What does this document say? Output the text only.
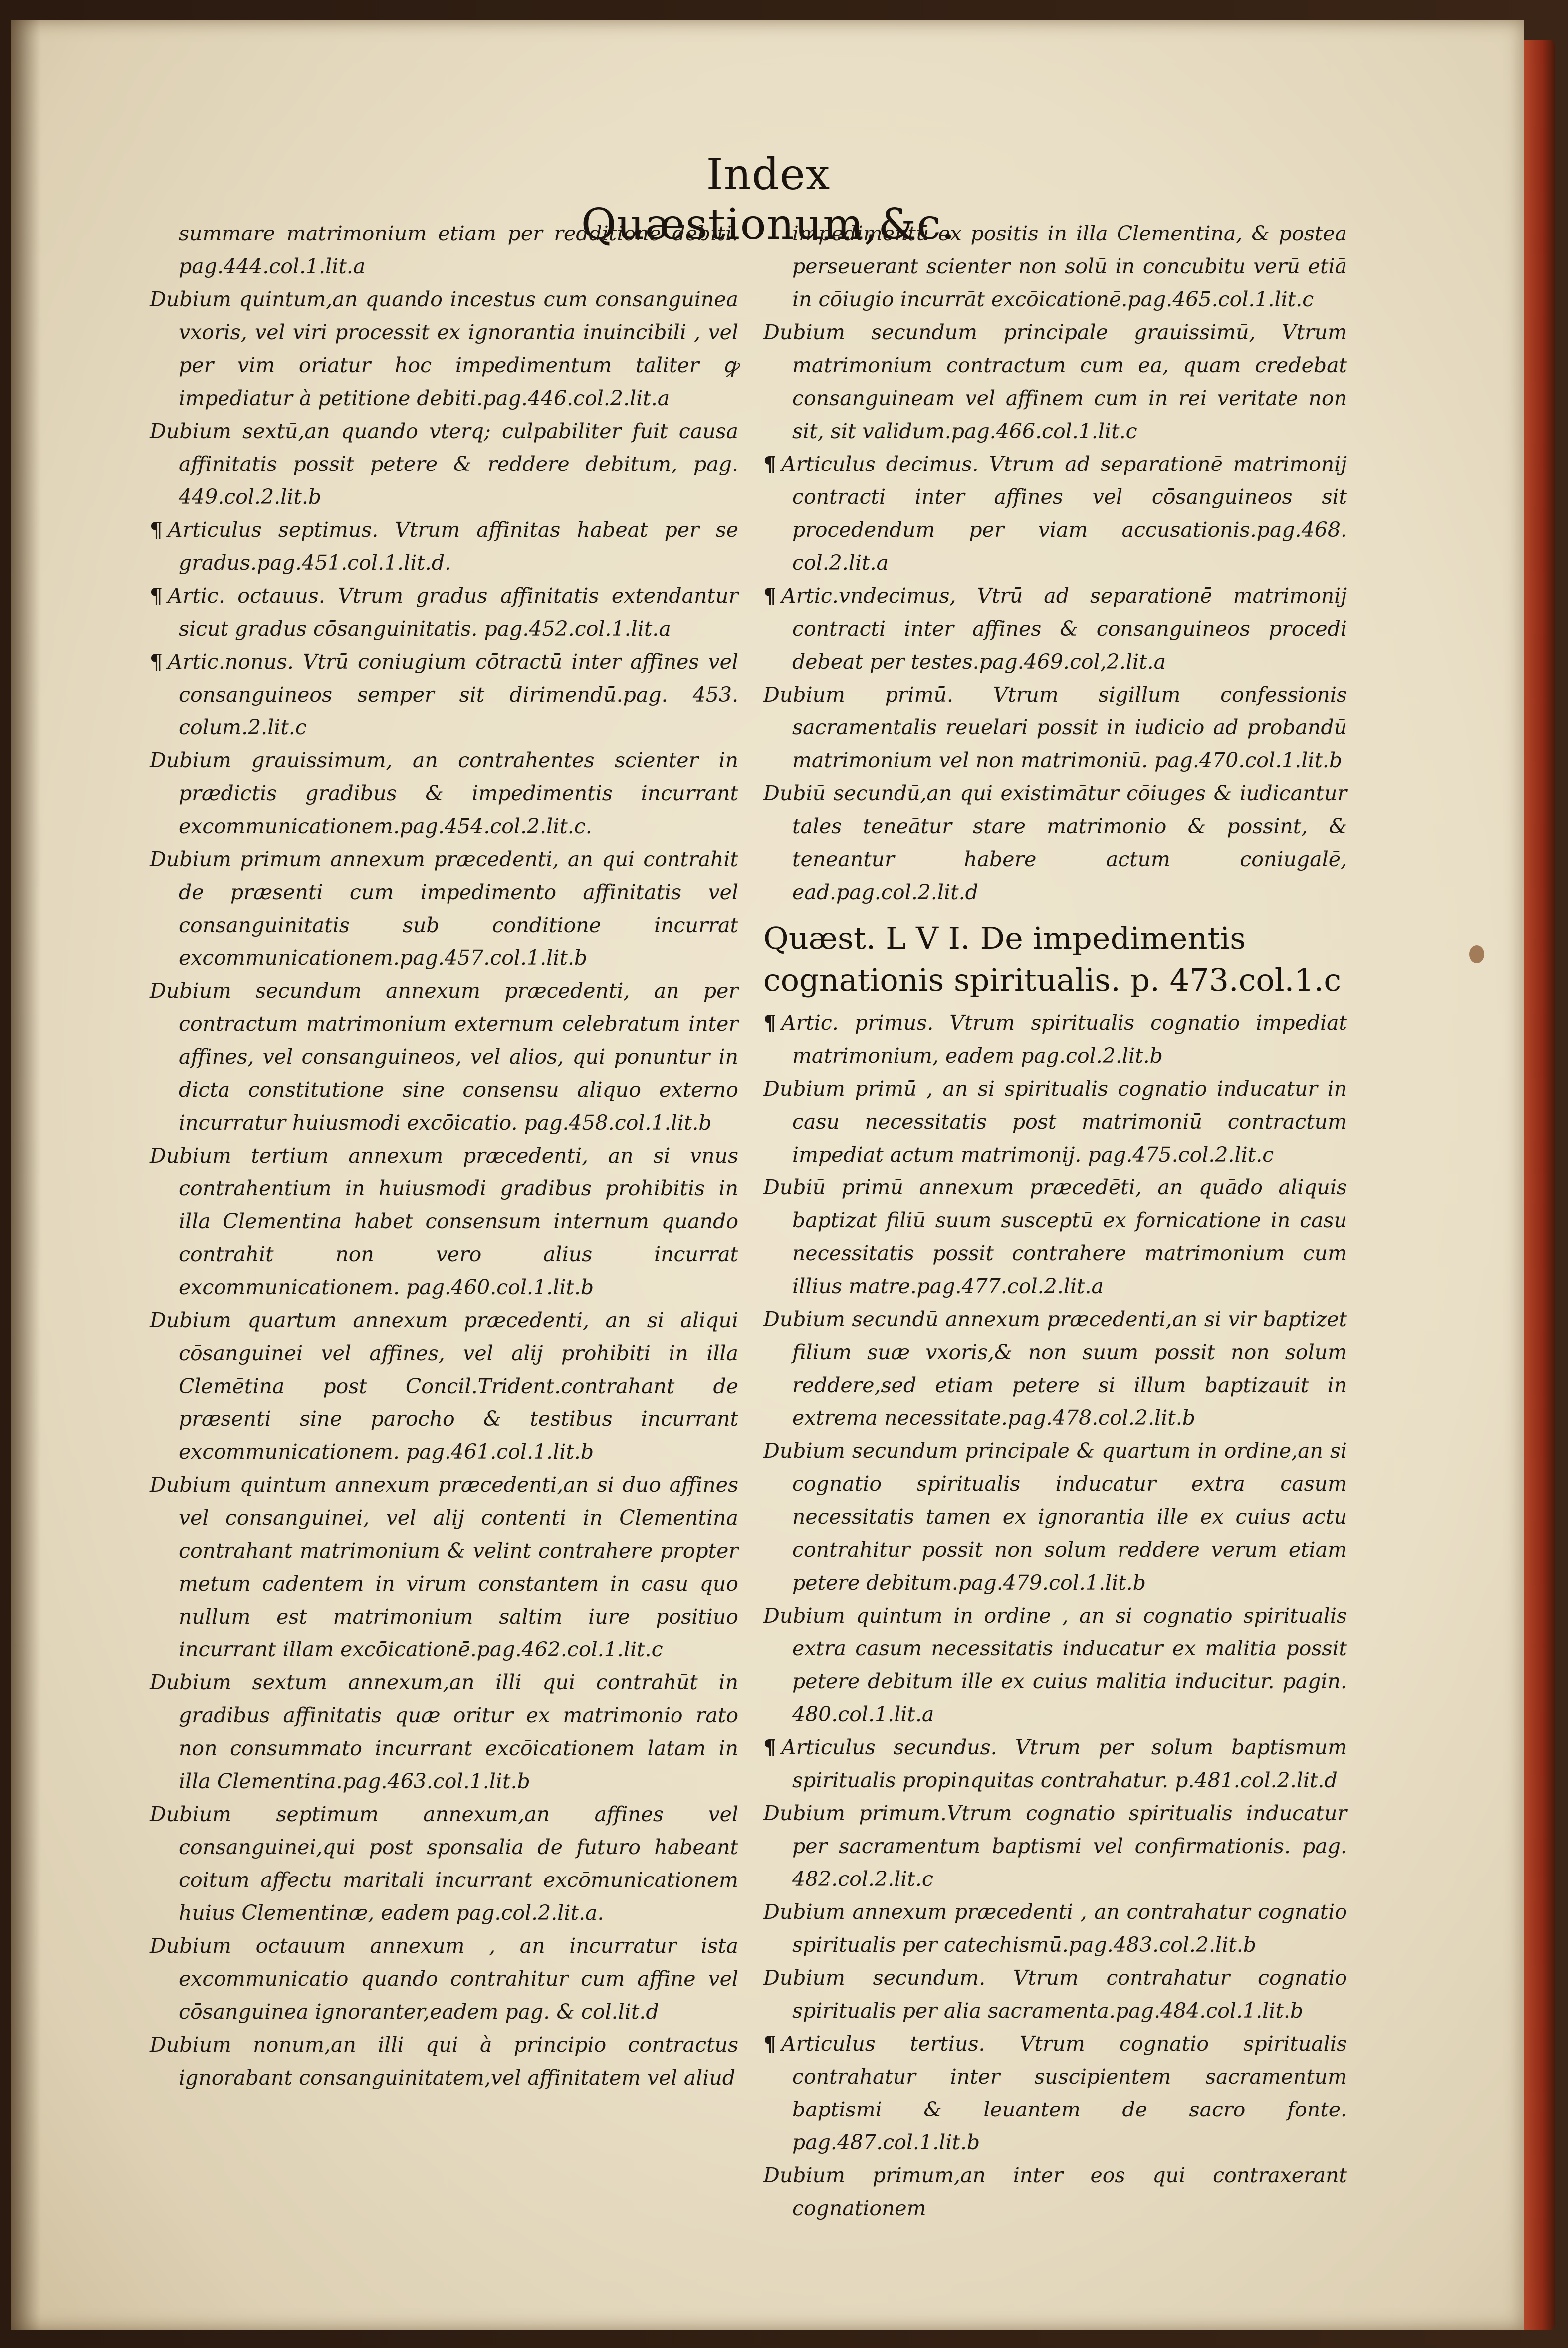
Index Quæstionum,&c.

summare matrimonium etiam per redditionē debiti. pag.444.col.1.lit.a

Dubium quintum,an quando incestus cum consanguinea vxoris, vel viri processit ex ignorantia inuincibili , vel per vim oriatur hoc impedimentum taliter ꝙ impediatur à petitione debiti.pag.446.col.2.lit.a

Dubium sextū,an quando vterq; culpabiliter fuit causa affinitatis possit petere & reddere debitum, pag. 449.col.2.lit.b

¶ Articulus septimus. Vtrum affinitas habeat per se gradus.pag.451.col.1.lit.d.

¶ Artic. octauus. Vtrum gradus affinitatis extendantur sicut gradus cōsanguinitatis. pag.452.col.1.lit.a

¶ Artic.nonus. Vtrū coniugium cōtractū inter affines vel consanguineos semper sit dirimendū.pag. 453. colum.2.lit.c

Dubium grauissimum, an contrahentes scienter in prædictis gradibus & impedimentis incurrant excommunicationem.pag.454.col.2.lit.c.

Dubium primum annexum præcedenti, an qui contrahit de præsenti cum impedimento affinitatis vel consanguinitatis sub conditione incurrat excommunicationem.pag.457.col.1.lit.b

Dubium secundum annexum præcedenti, an per contractum matrimonium externum celebratum inter affines, vel consanguineos, vel alios, qui ponuntur in dicta constitutione sine consensu aliquo externo incurratur huiusmodi excōicatio. pag.458.col.1.lit.b

Dubium tertium annexum præcedenti, an si vnus contrahentium in huiusmodi gradibus prohibitis in illa Clementina habet consensum internum quando contrahit non vero alius incurrat excommunicationem. pag.460.col.1.lit.b

Dubium quartum annexum præcedenti, an si aliqui cōsanguinei vel affines, vel alij prohibiti in illa Clemētina post Concil.Trident.contrahant de præsenti sine parocho & testibus incurrant excommunicationem. pag.461.col.1.lit.b

Dubium quintum annexum præcedenti,an si duo affines vel consanguinei, vel alij contenti in Clementina contrahant matrimonium & velint contrahere propter metum cadentem in virum constantem in casu quo nullum est matrimonium saltim iure positiuo incurrant illam excōicationē.pag.462.col.1.lit.c

Dubium sextum annexum,an illi qui contrahūt in gradibus affinitatis quæ oritur ex matrimonio rato non consummato incurrant excōicationem latam in illa Clementina.pag.463.col.1.lit.b

Dubium septimum annexum,an affines vel consanguinei,qui post sponsalia de futuro habeant coitum affectu maritali incurrant excōmunicationem huius Clementinæ, eadem pag.col.2.lit.a.

Dubium octauum annexum , an incurratur ista excommunicatio quando contrahitur cum affine vel cōsanguinea ignoranter,eadem pag. & col.lit.d

Dubium nonum,an illi qui à principio contractus ignorabant consanguinitatem,vel affinitatem vel aliud

impedimentū ex positis in illa Clementina, & postea perseuerant scienter non solū in concubitu verū etiā in cōiugio incurrāt excōicationē.pag.465.col.1.lit.c

Dubium secundum principale grauissimū, Vtrum matrimonium contractum cum ea, quam credebat consanguineam vel affinem cum in rei veritate non sit, sit validum.pag.466.col.1.lit.c

¶ Articulus decimus. Vtrum ad separationē matrimonij contracti inter affines vel cōsanguineos sit procedendum per viam accusationis.pag.468. col.2.lit.a

¶ Artic.vndecimus, Vtrū ad separationē matrimonij contracti inter affines & consanguineos procedi debeat per testes.pag.469.col,2.lit.a

Dubium primū. Vtrum sigillum confessionis sacramentalis reuelari possit in iudicio ad probandū matrimonium vel non matrimoniū. pag.470.col.1.lit.b

Dubiū secundū,an qui existimātur cōiuges & iudicantur tales teneātur stare matrimonio & possint, & teneantur habere actum coniugalē, ead.pag.col.2.lit.d

Quæst. L V I. De impedimentis cognationis spiritualis. p. 473.col.1.c

¶ Artic. primus. Vtrum spiritualis cognatio impediat matrimonium, eadem pag.col.2.lit.b

Dubium primū , an si spiritualis cognatio inducatur in casu necessitatis post matrimoniū contractum impediat actum matrimonij. pag.475.col.2.lit.c

Dubiū primū annexum præcedēti, an quādo aliquis baptizat filiū suum susceptū ex fornicatione in casu necessitatis possit contrahere matrimonium cum illius matre.pag.477.col.2.lit.a

Dubium secundū annexum præcedenti,an si vir baptizet filium suæ vxoris,& non suum possit non solum reddere,sed etiam petere si illum baptizauit in extrema necessitate.pag.478.col.2.lit.b

Dubium secundum principale & quartum in ordine,an si cognatio spiritualis inducatur extra casum necessitatis tamen ex ignorantia ille ex cuius actu contrahitur possit non solum reddere verum etiam petere debitum.pag.479.col.1.lit.b

Dubium quintum in ordine , an si cognatio spiritualis extra casum necessitatis inducatur ex malitia possit petere debitum ille ex cuius malitia inducitur. pagin. 480.col.1.lit.a

¶ Articulus secundus. Vtrum per solum baptismum spiritualis propinquitas contrahatur. p.481.col.2.lit.d

Dubium primum.Vtrum cognatio spiritualis inducatur per sacramentum baptismi vel confirmationis. pag. 482.col.2.lit.c

Dubium annexum præcedenti , an contrahatur cognatio spiritualis per catechismū.pag.483.col.2.lit.b

Dubium secundum. Vtrum contrahatur cognatio spiritualis per alia sacramenta.pag.484.col.1.lit.b

¶ Articulus tertius. Vtrum cognatio spiritualis contrahatur inter suscipientem sacramentum baptismi & leuantem de sacro fonte. pag.487.col.1.lit.b

Dubium primum,an inter eos qui contraxerant cognationem
